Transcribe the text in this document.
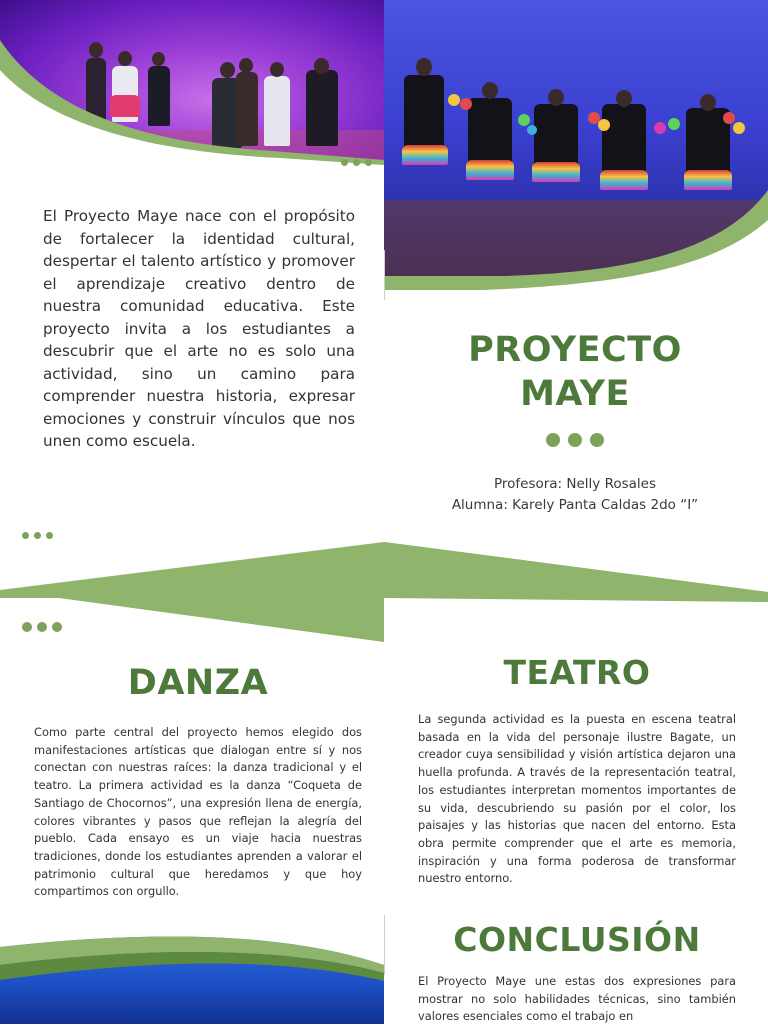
El Proyecto Maye nace con el propósito de fortalecer la identidad cultural, despertar el talento artístico y promover el aprendizaje creativo dentro de nuestra comunidad educativa. Este proyecto invita a los estudiantes a descubrir que el arte no es solo una actividad, sino un camino para comprender nuestra historia, expresar emociones y construir vínculos que nos unen como escuela.
PROYECTO
MAYE
Profesora: Nelly Rosales
Alumna: Karely Panta Caldas 2do “I”
DANZA
Como parte central del proyecto hemos elegido dos manifestaciones artísticas que dialogan entre sí y nos conectan con nuestras raíces: la danza tradicional y el teatro. La primera actividad es la danza “Coqueta de Santiago de Chocornos”, una expresión llena de energía, colores vibrantes y pasos que reflejan la alegría del pueblo. Cada ensayo es un viaje hacia nuestras tradiciones, donde los estudiantes aprenden a valorar el patrimonio cultural que heredamos y que hoy compartimos con orgullo.
TEATRO
La segunda actividad es la puesta en escena teatral basada en la vida del personaje ilustre Bagate, un creador cuya sensibilidad y visión artística dejaron una huella profunda. A través de la representación teatral, los estudiantes interpretan momentos importantes de su vida, descubriendo su pasión por el color, los paisajes y las historias que nacen del entorno. Esta obra permite comprender que el arte es memoria, inspiración y una forma poderosa de transformar nuestro entorno.
CONCLUSIÓN
El Proyecto Maye une estas dos expresiones para mostrar no solo habilidades técnicas, sino también valores esenciales como el trabajo en
